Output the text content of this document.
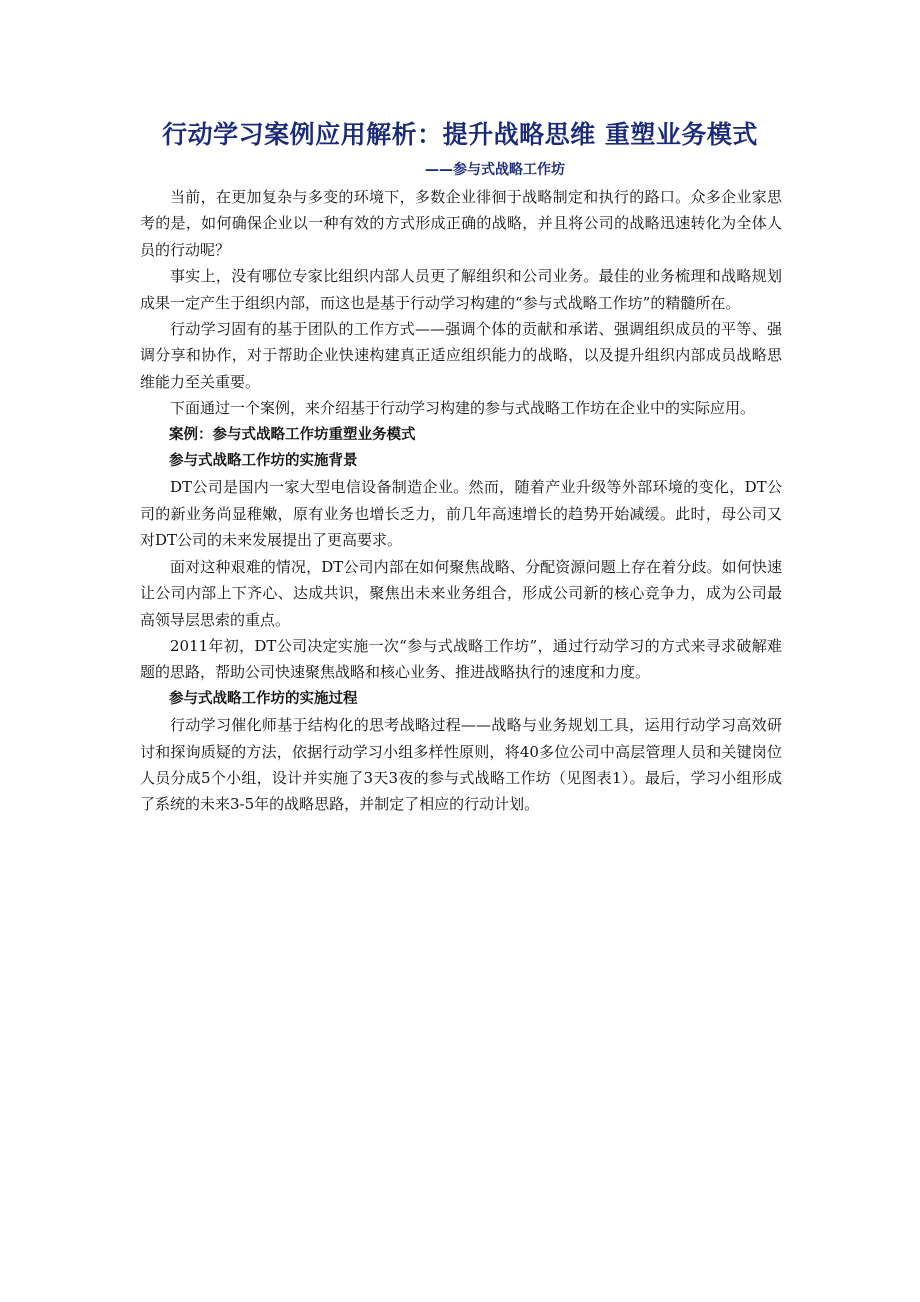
行动学习案例应用解析：提升战略思维 重塑业务模式
——参与式战略工作坊

当前，在更加复杂与多变的环境下，多数企业徘徊于战略制定和执行的路口。众多企业家思考的是，如何确保企业以一种有效的方式形成正确的战略，并且将公司的战略迅速转化为全体人员的行动呢？

事实上，没有哪位专家比组织内部人员更了解组织和公司业务。最佳的业务梳理和战略规划成果一定产生于组织内部，而这也是基于行动学习构建的“参与式战略工作坊”的精髓所在。

行动学习固有的基于团队的工作方式——强调个体的贡献和承诺、强调组织成员的平等、强调分享和协作，对于帮助企业快速构建真正适应组织能力的战略，以及提升组织内部成员战略思维能力至关重要。

下面通过一个案例，来介绍基于行动学习构建的参与式战略工作坊在企业中的实际应用。

案例：参与式战略工作坊重塑业务模式

参与式战略工作坊的实施背景

DT公司是国内一家大型电信设备制造企业。然而，随着产业升级等外部环境的变化，DT公司的新业务尚显稚嫩，原有业务也增长乏力，前几年高速增长的趋势开始减缓。此时，母公司又对DT公司的未来发展提出了更高要求。

面对这种艰难的情况，DT公司内部在如何聚焦战略、分配资源问题上存在着分歧。如何快速让公司内部上下齐心、达成共识，聚焦出未来业务组合，形成公司新的核心竞争力，成为公司最高领导层思索的重点。

2011年初，DT公司决定实施一次“参与式战略工作坊”，通过行动学习的方式来寻求破解难题的思路，帮助公司快速聚焦战略和核心业务、推进战略执行的速度和力度。

参与式战略工作坊的实施过程

行动学习催化师基于结构化的思考战略过程——战略与业务规划工具，运用行动学习高效研讨和探询质疑的方法，依据行动学习小组多样性原则，将40多位公司中高层管理人员和关键岗位人员分成5个小组，设计并实施了3天3夜的参与式战略工作坊（见图表1）。最后，学习小组形成了系统的未来3-5年的战略思路，并制定了相应的行动计划。
